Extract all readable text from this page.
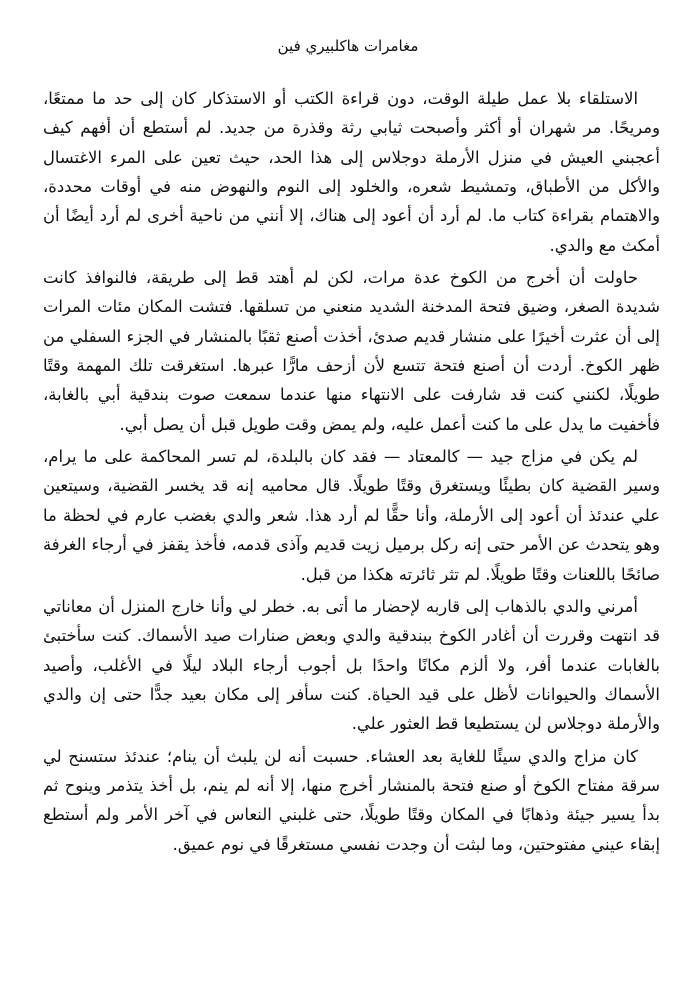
مغامرات هاكلبيري فين

الاستلقاء بلا عمل طيلة الوقت، دون قراءة الكتب أو الاستذكار كان إلى حد ما ممتعًا، ومريحًا. مر شهران أو أكثر وأصبحت ثيابي رثة وقذرة من جديد. لم أستطع أن أفهم كيف أعجبني العيش في منزل الأرملة دوجلاس إلى هذا الحد، حيث تعين على المرء الاغتسال والأكل من الأطباق، وتمشيط شعره، والخلود إلى النوم والنهوض منه في أوقات محددة، والاهتمام بقراءة كتاب ما. لم أرد أن أعود إلى هناك، إلا أنني من ناحية أخرى لم أرد أيضًا أن أمكث مع والدي.

حاولت أن أخرج من الكوخ عدة مرات، لكن لم أهتد قط إلى طريقة، فالنوافذ كانت شديدة الصغر، وضيق فتحة المدخنة الشديد منعني من تسلقها. فتشت المكان مئات المرات إلى أن عثرت أخيرًا على منشار قديم صدئ، أخذت أصنع ثقبًا بالمنشار في الجزء السفلي من ظهر الكوخ. أردت أن أصنع فتحة تتسع لأن أزحف مارًّا عبرها. استغرقت تلك المهمة وقتًا طويلًا، لكنني كنت قد شارفت على الانتهاء منها عندما سمعت صوت بندقية أبي بالغابة، فأخفيت ما يدل على ما كنت أعمل عليه، ولم يمض وقت طويل قبل أن يصل أبي.

لم يكن في مزاج جيد — كالمعتاد — فقد كان بالبلدة، لم تسر المحاكمة على ما يرام، وسير القضية كان بطيئًا ويستغرق وقتًا طويلًا. قال محاميه إنه قد يخسر القضية، وسيتعين علي عندئذ أن أعود إلى الأرملة، وأنا حقًّا لم أرد هذا. شعر والدي بغضب عارم في لحظة ما وهو يتحدث عن الأمر حتى إنه ركل برميل زيت قديم وآذى قدمه، فأخذ يقفز في أرجاء الغرفة صائحًا باللعنات وقتًا طويلًا. لم تثر ثائرته هكذا من قبل.

أمرني والدي بالذهاب إلى قاربه لإحضار ما أتى به. خطر لي وأنا خارج المنزل أن معاناتي قد انتهت وقررت أن أغادر الكوخ ببندقية والدي وبعض صنارات صيد الأسماك. كنت سأختبئ بالغابات عندما أفر، ولا ألزم مكانًا واحدًا بل أجوب أرجاء البلاد ليلًا في الأغلب، وأصيد الأسماك والحيوانات لأظل على قيد الحياة. كنت سأفر إلى مكان بعيد جدًّا حتى إن والدي والأرملة دوجلاس لن يستطيعا قط العثور علي.

كان مزاج والدي سيئًا للغاية بعد العشاء. حسبت أنه لن يلبث أن ينام؛ عندئذ ستسنح لي سرقة مفتاح الكوخ أو صنع فتحة بالمنشار أخرج منها، إلا أنه لم ينم، بل أخذ يتذمر وينوح ثم بدأ يسير جيئة وذهابًا في المكان وقتًا طويلًا، حتى غلبني النعاس في آخر الأمر ولم أستطع إبقاء عيني مفتوحتين، وما لبثت أن وجدت نفسي مستغرقًا في نوم عميق.
